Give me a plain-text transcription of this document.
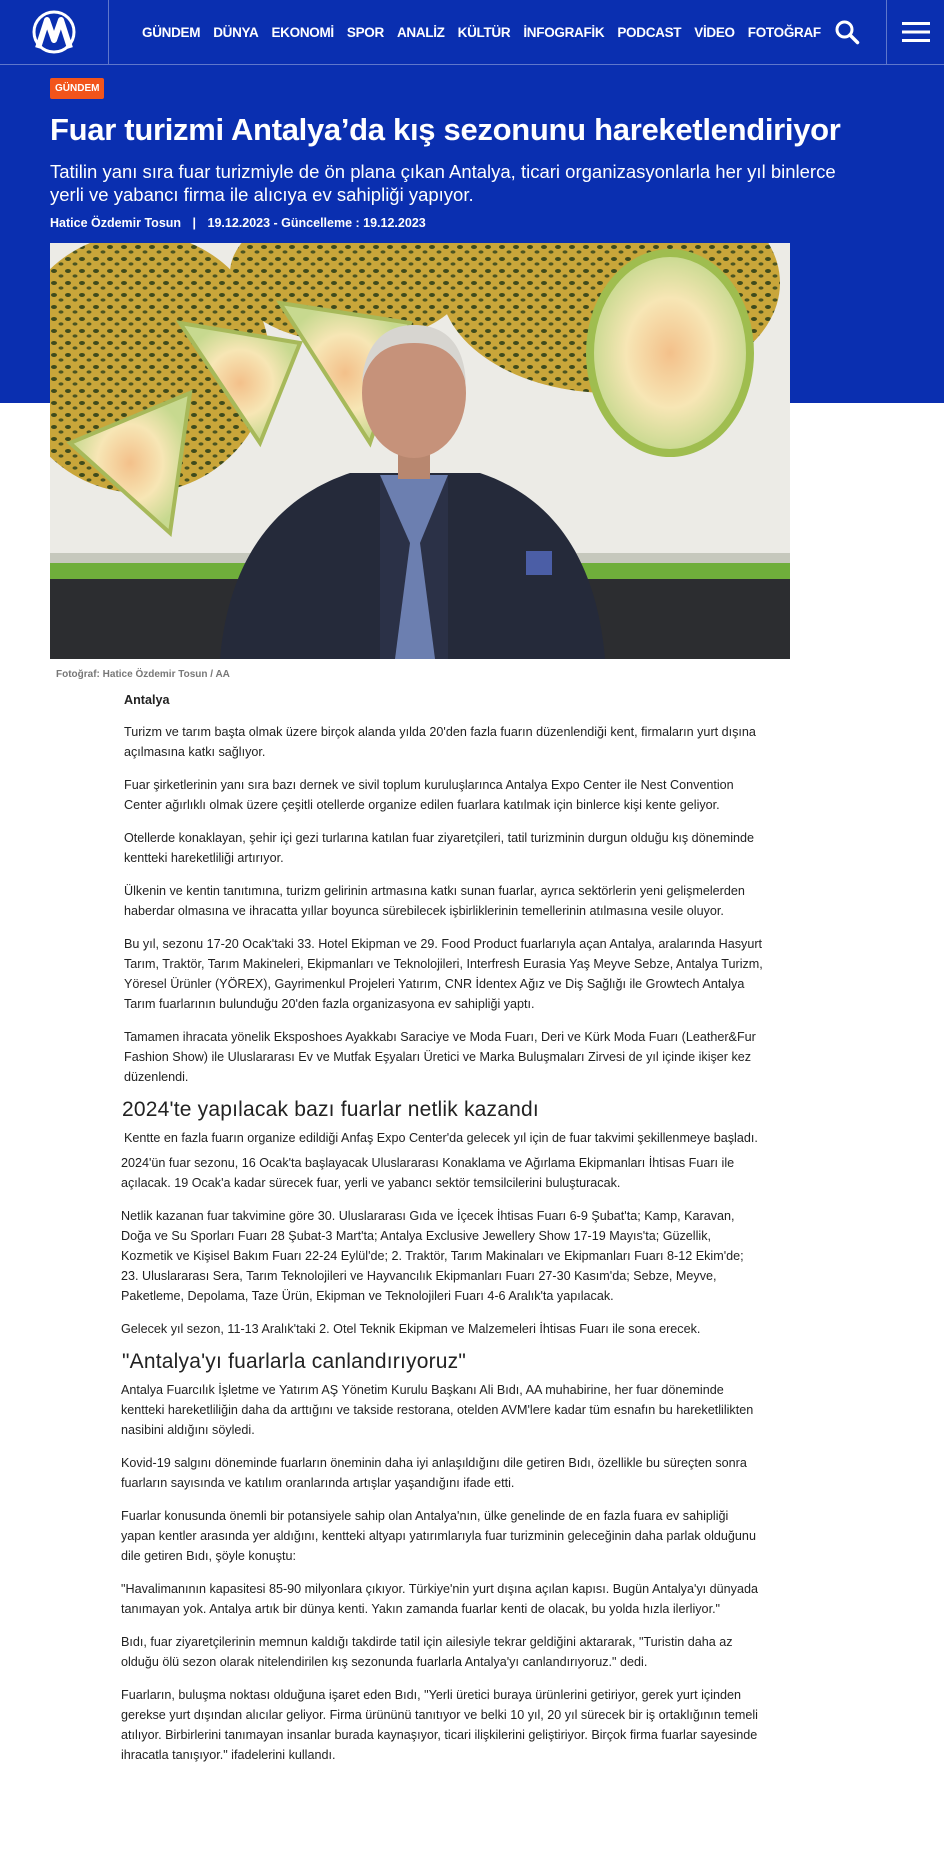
GÜNDEM DÜNYA EKONOMİ SPOR ANALİZ KÜLTÜR İNFOGRAFİK PODCAST VİDEO FOTOĞRAF
GÜNDEM
Fuar turizmi Antalya’da kış sezonunu hareketlendiriyor

Tatilin yanı sıra fuar turizmiyle de ön plana çıkan Antalya, ticari organizasyonlarla her yıl binlerce yerli ve yabancı firma ile alıcıya ev sahipliği yapıyor.

Hatice Özdemir Tosun | 19.12.2023 - Güncelleme : 19.12.2023
Fotoğraf: Hatice Özdemir Tosun / AA

Antalya

Turizm ve tarım başta olmak üzere birçok alanda yılda 20'den fazla fuarın düzenlendiği kent, firmaların yurt dışına açılmasına katkı sağlıyor.

Fuar şirketlerinin yanı sıra bazı dernek ve sivil toplum kuruluşlarınca Antalya Expo Center ile Nest Convention Center ağırlıklı olmak üzere çeşitli otellerde organize edilen fuarlara katılmak için binlerce kişi kente geliyor.

Otellerde konaklayan, şehir içi gezi turlarına katılan fuar ziyaretçileri, tatil turizminin durgun olduğu kış döneminde kentteki hareketliliği artırıyor.

Ülkenin ve kentin tanıtımına, turizm gelirinin artmasına katkı sunan fuarlar, ayrıca sektörlerin yeni gelişmelerden haberdar olmasına ve ihracatta yıllar boyunca sürebilecek işbirliklerinin temellerinin atılmasına vesile oluyor.

Bu yıl, sezonu 17-20 Ocak'taki 33. Hotel Ekipman ve 29. Food Product fuarlarıyla açan Antalya, aralarında Hasyurt Tarım, Traktör, Tarım Makineleri, Ekipmanları ve Teknolojileri, Interfresh Eurasia Yaş Meyve Sebze, Antalya Turizm, Yöresel Ürünler (YÖREX), Gayrimenkul Projeleri Yatırım, CNR İdentex Ağız ve Diş Sağlığı ile Growtech Antalya Tarım fuarlarının bulunduğu 20'den fazla organizasyona ev sahipliği yaptı.

Tamamen ihracata yönelik Eksposhoes Ayakkabı Saraciye ve Moda Fuarı, Deri ve Kürk Moda Fuarı (Leather&Fur Fashion Show) ile Uluslararası Ev ve Mutfak Eşyaları Üretici ve Marka Buluşmaları Zirvesi de yıl içinde ikişer kez düzenlendi.

2024'te yapılacak bazı fuarlar netlik kazandı

Kentte en fazla fuarın organize edildiği Anfaş Expo Center'da gelecek yıl için de fuar takvimi şekillenmeye başladı.

2024'ün fuar sezonu, 16 Ocak'ta başlayacak Uluslararası Konaklama ve Ağırlama Ekipmanları İhtisas Fuarı ile açılacak. 19 Ocak'a kadar sürecek fuar, yerli ve yabancı sektör temsilcilerini buluşturacak.

Netlik kazanan fuar takvimine göre 30. Uluslararası Gıda ve İçecek İhtisas Fuarı 6-9 Şubat'ta; Kamp, Karavan, Doğa ve Su Sporları Fuarı 28 Şubat-3 Mart'ta; Antalya Exclusive Jewellery Show 17-19 Mayıs'ta; Güzellik, Kozmetik ve Kişisel Bakım Fuarı 22-24 Eylül'de; 2. Traktör, Tarım Makinaları ve Ekipmanları Fuarı 8-12 Ekim'de; 23. Uluslararası Sera, Tarım Teknolojileri ve Hayvancılık Ekipmanları Fuarı 27-30 Kasım'da; Sebze, Meyve, Paketleme, Depolama, Taze Ürün, Ekipman ve Teknolojileri Fuarı 4-6 Aralık'ta yapılacak.

Gelecek yıl sezon, 11-13 Aralık'taki 2. Otel Teknik Ekipman ve Malzemeleri İhtisas Fuarı ile sona erecek.

"Antalya'yı fuarlarla canlandırıyoruz"

Antalya Fuarcılık İşletme ve Yatırım AŞ Yönetim Kurulu Başkanı Ali Bıdı, AA muhabirine, her fuar döneminde kentteki hareketliliğin daha da arttığını ve takside restorana, otelden AVM'lere kadar tüm esnafın bu hareketlilikten nasibini aldığını söyledi.

Kovid-19 salgını döneminde fuarların öneminin daha iyi anlaşıldığını dile getiren Bıdı, özellikle bu süreçten sonra fuarların sayısında ve katılım oranlarında artışlar yaşandığını ifade etti.

Fuarlar konusunda önemli bir potansiyele sahip olan Antalya'nın, ülke genelinde de en fazla fuara ev sahipliği yapan kentler arasında yer aldığını, kentteki altyapı yatırımlarıyla fuar turizminin geleceğinin daha parlak olduğunu dile getiren Bıdı, şöyle konuştu:

"Havalimanının kapasitesi 85-90 milyonlara çıkıyor. Türkiye'nin yurt dışına açılan kapısı. Bugün Antalya'yı dünyada tanımayan yok. Antalya artık bir dünya kenti. Yakın zamanda fuarlar kenti de olacak, bu yolda hızla ilerliyor."

Bıdı, fuar ziyaretçilerinin memnun kaldığı takdirde tatil için ailesiyle tekrar geldiğini aktararak, "Turistin daha az olduğu ölü sezon olarak nitelendirilen kış sezonunda fuarlarla Antalya'yı canlandırıyoruz." dedi.

Fuarların, buluşma noktası olduğuna işaret eden Bıdı, "Yerli üretici buraya ürünlerini getiriyor, gerek yurt içinden gerekse yurt dışından alıcılar geliyor. Firma ürününü tanıtıyor ve belki 10 yıl, 20 yıl sürecek bir iş ortaklığının temeli atılıyor. Birbirlerini tanımayan insanlar burada kaynaşıyor, ticari ilişkilerini geliştiriyor. Birçok firma fuarlar sayesinde ihracatla tanışıyor." ifadelerini kullandı.
